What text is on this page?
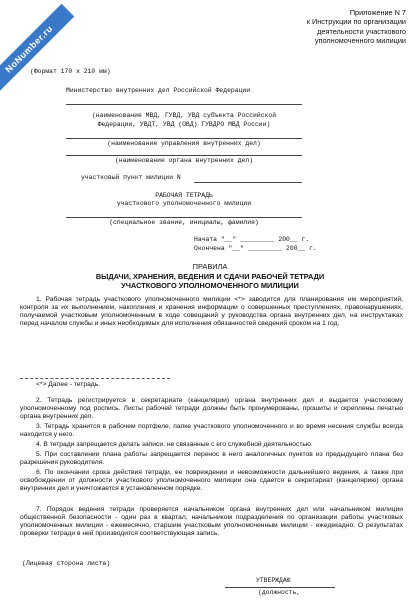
NoNumber.ru
Приложение N 7
к Инструкции по организации
деятельности участкового
уполномоченного милиции
(Формат 170 x 210 мм)
Министерство внутренних дел Российской Федерации
(наименование МВД, ГУВД, УВД субъекта Российской
Федерации, УВДТ, УВД (ОВД) ГУВДРО МВД России)
(наименование управления внутренних дел)
(наименование органа внутренних дел)
участковый пункт милиции N
РАБОЧАЯ ТЕТРАДЬ
участкового уполномоченного милиции
(специальное звание, инициалы, фамилия)
Начата "__" _________ 200__ г.
Окончена "__" _________ 200__ г.
ПРАВИЛА
ВЫДАЧИ, ХРАНЕНИЯ, ВЕДЕНИЯ И СДАЧИ РАБОЧЕЙ ТЕТРАДИ
УЧАСТКОВОГО УПОЛНОМОЧЕННОГО МИЛИЦИИ

1. Рабочая тетрадь участкового уполномоченного милиции <*> заводится для планирования им мероприятий, контроля за их выполнением, накопления и хранения информации о совершенных преступлениях, правонарушениях, получаемой участковым уполномоченным в ходе совещаний у руководства органа внутренних дел, на инструктажах перед началом службы и иных необходимых для исполнения обязанностей сведений сроком на 1 год.

<*> Далее - тетрадь.

2. Тетрадь регистрируется в секретариате (канцелярии) органа внутренних дел и выдается участковому уполномоченному под роспись. Листы рабочей тетради должны быть пронумерованы, прошиты и скреплены печатью органа внутренних дел.

3. Тетрадь хранится в рабочем портфеле, папке участкового уполномоченного и во время несения службы всегда находится у него.

4. В тетради запрещается делать записи, не связанные с его служебной деятельностью.

5. При составлении плана работы запрещается перенос в него аналогичных пунктов из предыдущего плана без разрешения руководителя.

6. По окончании срока действия тетради, ее повреждении и невозможности дальнейшего ведения, а также при освобождении от должности участкового уполномоченного милиции она сдается в секретариат (канцелярию) органа внутренних дел и уничтожается в установленном порядке.

7. Порядок ведения тетради проверяется начальником органа внутренних дел или начальником милиции общественной безопасности - один раз в квартал, начальником подразделения по организации работы участковых уполномоченных милиции - ежемесячно, старшим участковым уполномоченным милиции - ежедекадно. О результатах проверки тетради в ней производится соответствующая запись.

(Лицевая сторона листа)
УТВЕРЖДАЮ
(должность,
